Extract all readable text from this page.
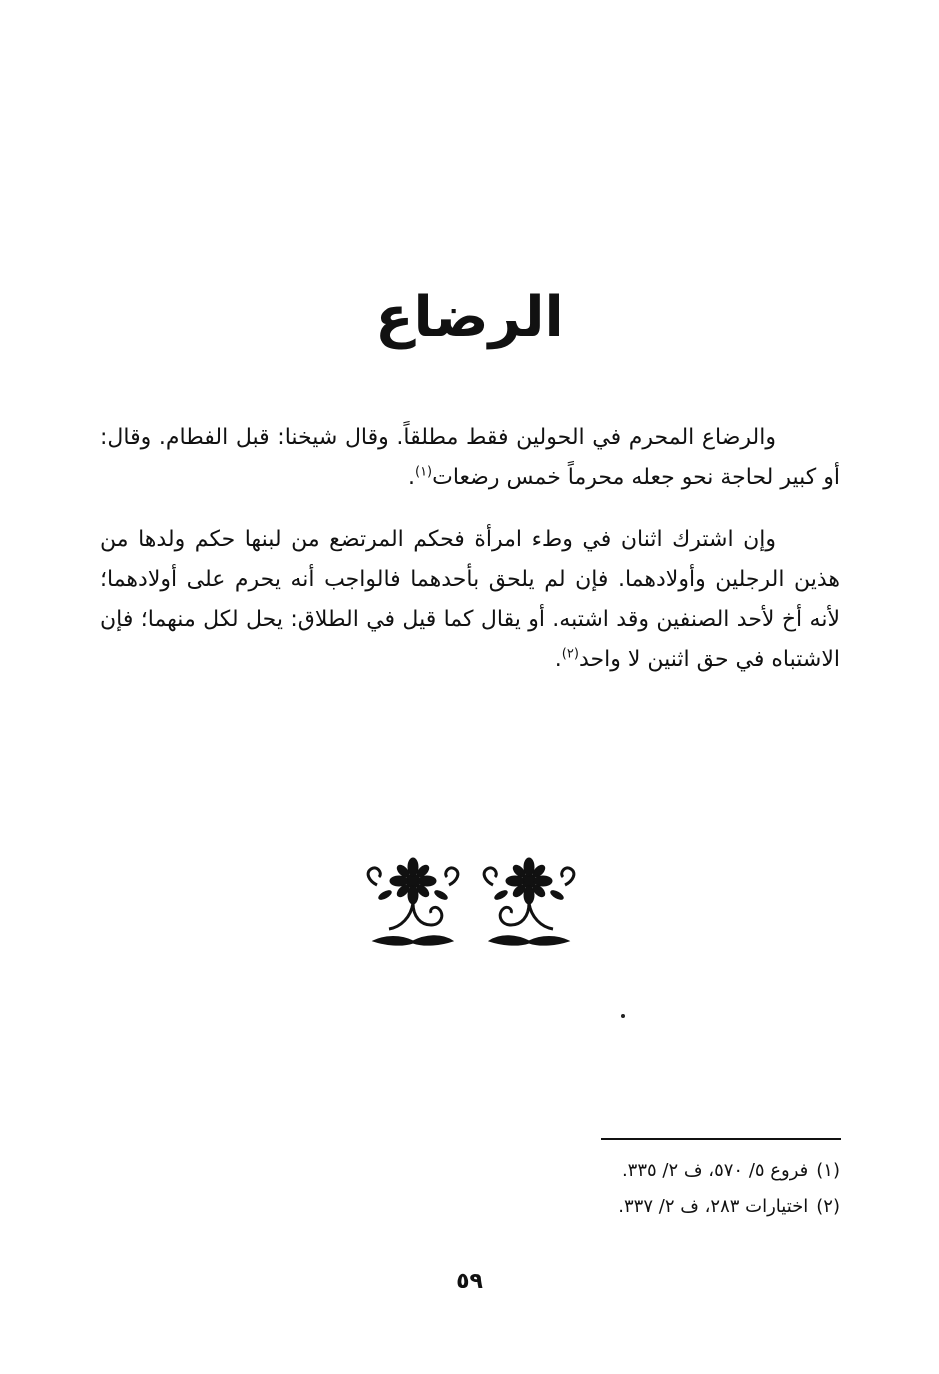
الرضاع

والرضاع المحرم في الحولين فقط مطلقاً. وقال شيخنا: قبل الفطام. وقال: أو كبير لحاجة نحو جعله محرماً خمس رضعات$^{(١)}$.

وإن اشترك اثنان في وطء امرأة فحكم المرتضع من لبنها حكم ولدها من هذين الرجلين وأولادهما. فإن لم يلحق بأحدهما فالواجب أنه يحرم على أولادهما؛ لأنه أخ لأحد الصنفين وقد اشتبه. أو يقال كما قيل في الطلاق: يحل لكل منهما؛ فإن الاشتباه في حق اثنين لا واحد$^{(٢)}$.

(١)فروع ٥/ ٥٧٠، ف ٢/ ٣٣٥.
(٢)اختيارات ٢٨٣، ف ٢/ ٣٣٧.
٥٩
